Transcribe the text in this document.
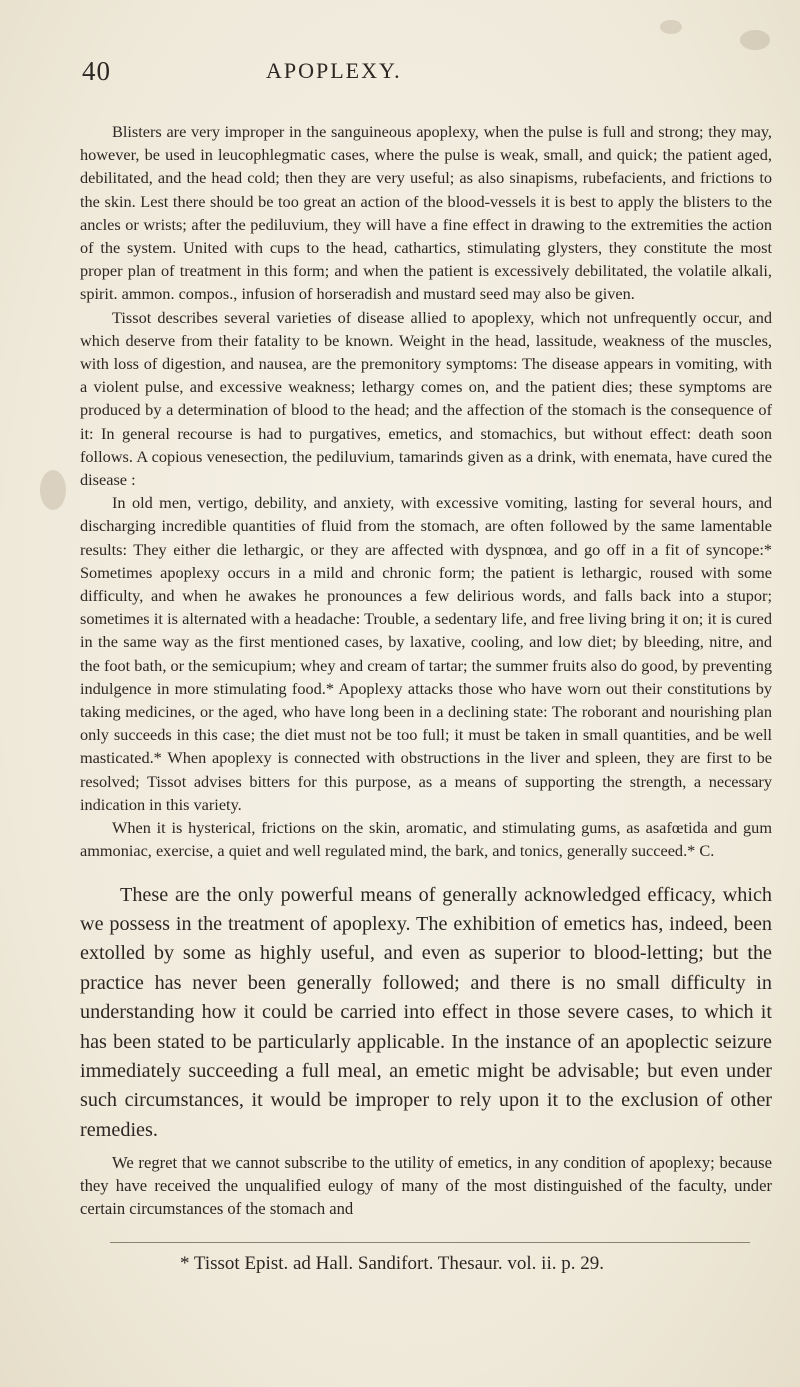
40	APOPLEXY.

Blisters are very improper in the sanguineous apoplexy, when the pulse is full and strong; they may, however, be used in leucophlegmatic cases, where the pulse is weak, small, and quick; the patient aged, debilitated, and the head cold; then they are very useful; as also sinapisms, rubefacients, and frictions to the skin. Lest there should be too great an action of the blood-vessels it is best to apply the blisters to the ancles or wrists; after the pediluvium, they will have a fine effect in drawing to the extremities the action of the system. United with cups to the head, cathartics, stimulating glysters, they constitute the most proper plan of treatment in this form; and when the patient is excessively debilitated, the volatile alkali, spirit. ammon. compos., infusion of horseradish and mustard seed may also be given.

Tissot describes several varieties of disease allied to apoplexy, which not unfrequently occur, and which deserve from their fatality to be known. Weight in the head, lassitude, weakness of the muscles, with loss of digestion, and nausea, are the premonitory symptoms: The disease appears in vomiting, with a violent pulse, and excessive weakness; lethargy comes on, and the patient dies; these symptoms are produced by a determination of blood to the head; and the affection of the stomach is the consequence of it: In general recourse is had to purgatives, emetics, and stomachics, but without effect: death soon follows. A copious venesection, the pediluvium, tamarinds given as a drink, with enemata, have cured the disease :

In old men, vertigo, debility, and anxiety, with excessive vomiting, lasting for several hours, and discharging incredible quantities of fluid from the stomach, are often followed by the same lamentable results: They either die lethargic, or they are affected with dyspnœa, and go off in a fit of syncope:* Sometimes apoplexy occurs in a mild and chronic form; the patient is lethargic, roused with some difficulty, and when he awakes he pronounces a few delirious words, and falls back into a stupor; sometimes it is alternated with a headache: Trouble, a sedentary life, and free living bring it on; it is cured in the same way as the first mentioned cases, by laxative, cooling, and low diet; by bleeding, nitre, and the foot bath, or the semicupium; whey and cream of tartar; the summer fruits also do good, by preventing indulgence in more stimulating food.* Apoplexy attacks those who have worn out their constitutions by taking medicines, or the aged, who have long been in a declining state: The roborant and nourishing plan only succeeds in this case; the diet must not be too full; it must be taken in small quantities, and be well masticated.* When apoplexy is connected with obstructions in the liver and spleen, they are first to be resolved; Tissot advises bitters for this purpose, as a means of supporting the strength, a necessary indication in this variety.

When it is hysterical, frictions on the skin, aromatic, and stimulating gums, as asafœtida and gum ammoniac, exercise, a quiet and well regulated mind, the bark, and tonics, generally succeed.* C.

These are the only powerful means of generally acknowledged efficacy, which we possess in the treatment of apoplexy. The exhibition of emetics has, indeed, been extolled by some as highly useful, and even as superior to blood-letting; but the practice has never been generally followed; and there is no small difficulty in understanding how it could be carried into effect in those severe cases, to which it has been stated to be particularly applicable. In the instance of an apoplectic seizure immediately succeeding a full meal, an emetic might be advisable; but even under such circumstances, it would be improper to rely upon it to the exclusion of other remedies.

We regret that we cannot subscribe to the utility of emetics, in any condition of apoplexy; because they have received the unqualified eulogy of many of the most distinguished of the faculty, under certain circumstances of the stomach and

* Tissot Epist. ad Hall. Sandifort. Thesaur. vol. ii. p. 29.
